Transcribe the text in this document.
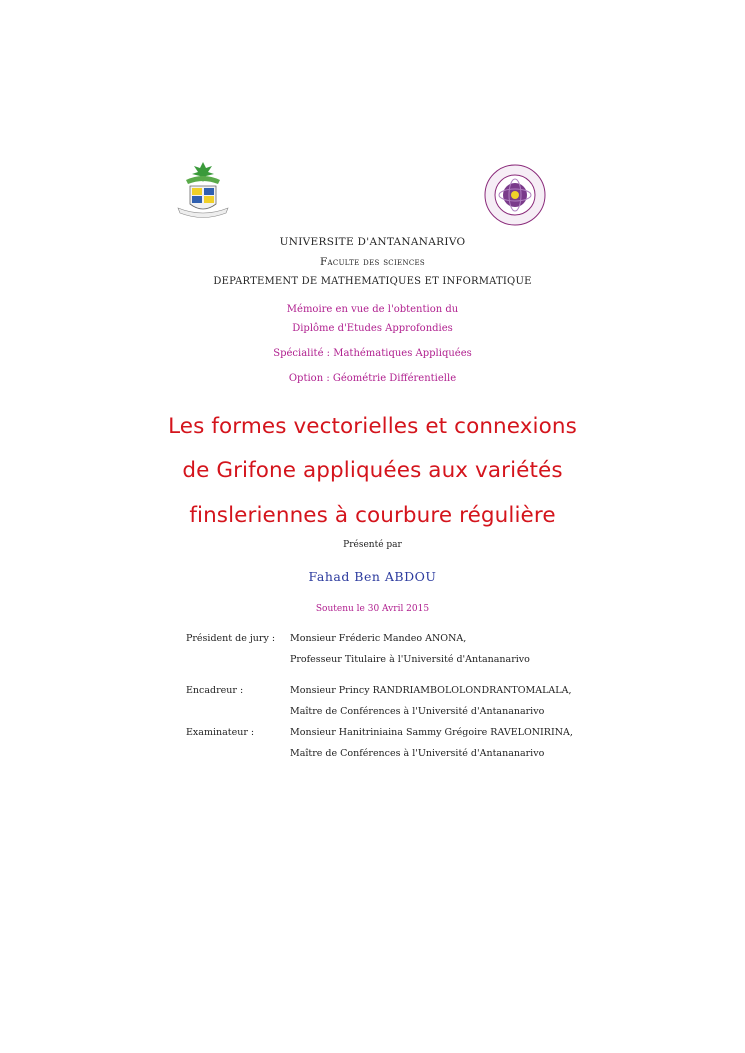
UNIVERSITE D'ANTANANARIVO
Faculte des sciences
DEPARTEMENT DE MATHEMATIQUES ET INFORMATIQUE
Mémoire en vue de l'obtention du
Diplôme d'Etudes Approfondies
Spécialité : Mathématiques Appliquées
Option : Géométrie Différentielle
Les formes vectorielles et connexions
de Grifone appliquées aux variétés
finsleriennes à courbure régulière
Présenté par
Fahad Ben ABDOU
Soutenu le 30 Avril 2015
Président de jury : Monsieur Fréderic Mandeo ANONA,
Professeur Titulaire à l'Université d'Antananarivo
Encadreur :	Monsieur Princy RANDRIAMBOLOLONDRANTOMALALA,
Maître de Conférences à l'Université d'Antananarivo
Examinateur :	Monsieur Hanitriniaina Sammy Grégoire RAVELONIRINA,
Maître de Conférences à l'Université d'Antananarivo
